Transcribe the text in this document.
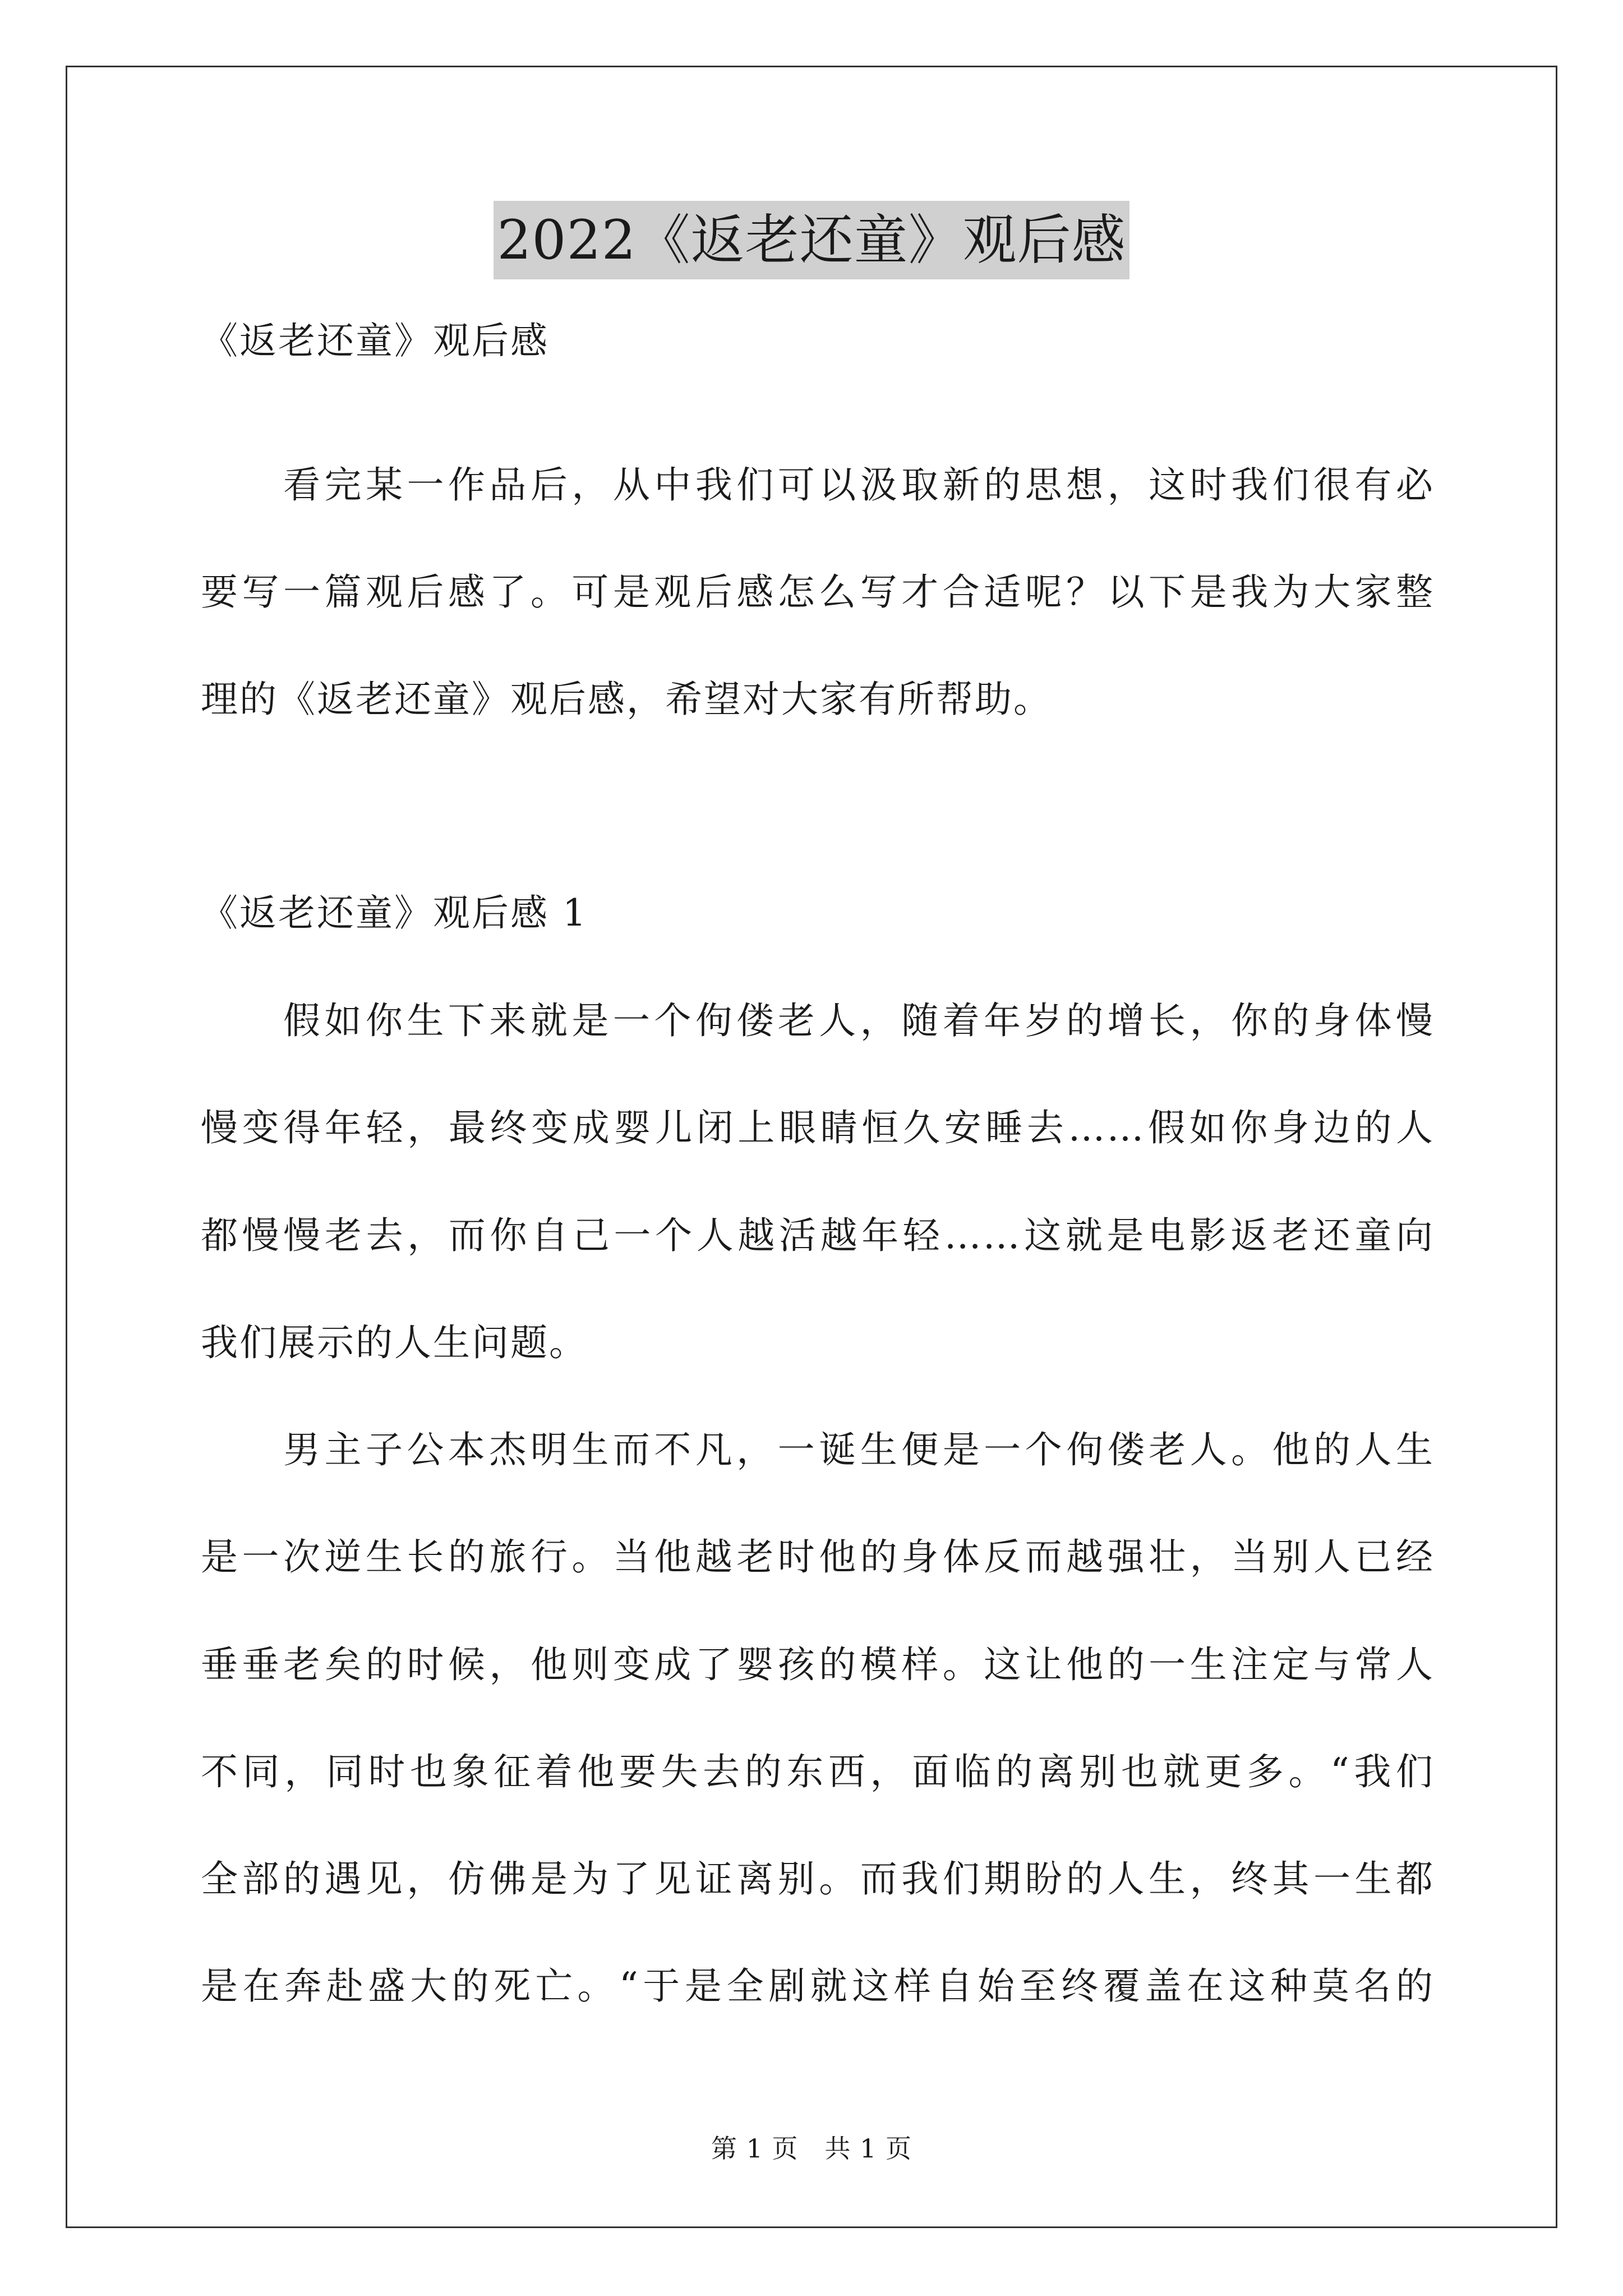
2022《返老还童》观后感
《返老还童》观后感
看完某一作品后，从中我们可以汲取新的思想，这时我们很有必
要写一篇观后感了。可是观后感怎么写才合适呢？以下是我为大家整
理的《返老还童》观后感，希望对大家有所帮助。
《返老还童》观后感 1
假如你生下来就是一个佝偻老人，随着年岁的增长，你的身体慢
慢变得年轻，最终变成婴儿闭上眼睛恒久安睡去……假如你身边的人
都慢慢老去，而你自己一个人越活越年轻……这就是电影返老还童向
我们展示的人生问题。
男主子公本杰明生而不凡，一诞生便是一个佝偻老人。他的人生
是一次逆生长的旅行。当他越老时他的身体反而越强壮，当别人已经
垂垂老矣的时候，他则变成了婴孩的模样。这让他的一生注定与常人
不同，同时也象征着他要失去的东西，面临的离别也就更多。“我们
全部的遇见，仿佛是为了见证离别。而我们期盼的人生，终其一生都
是在奔赴盛大的死亡。“于是全剧就这样自始至终覆盖在这种莫名的
第 1 页　共 1 页
